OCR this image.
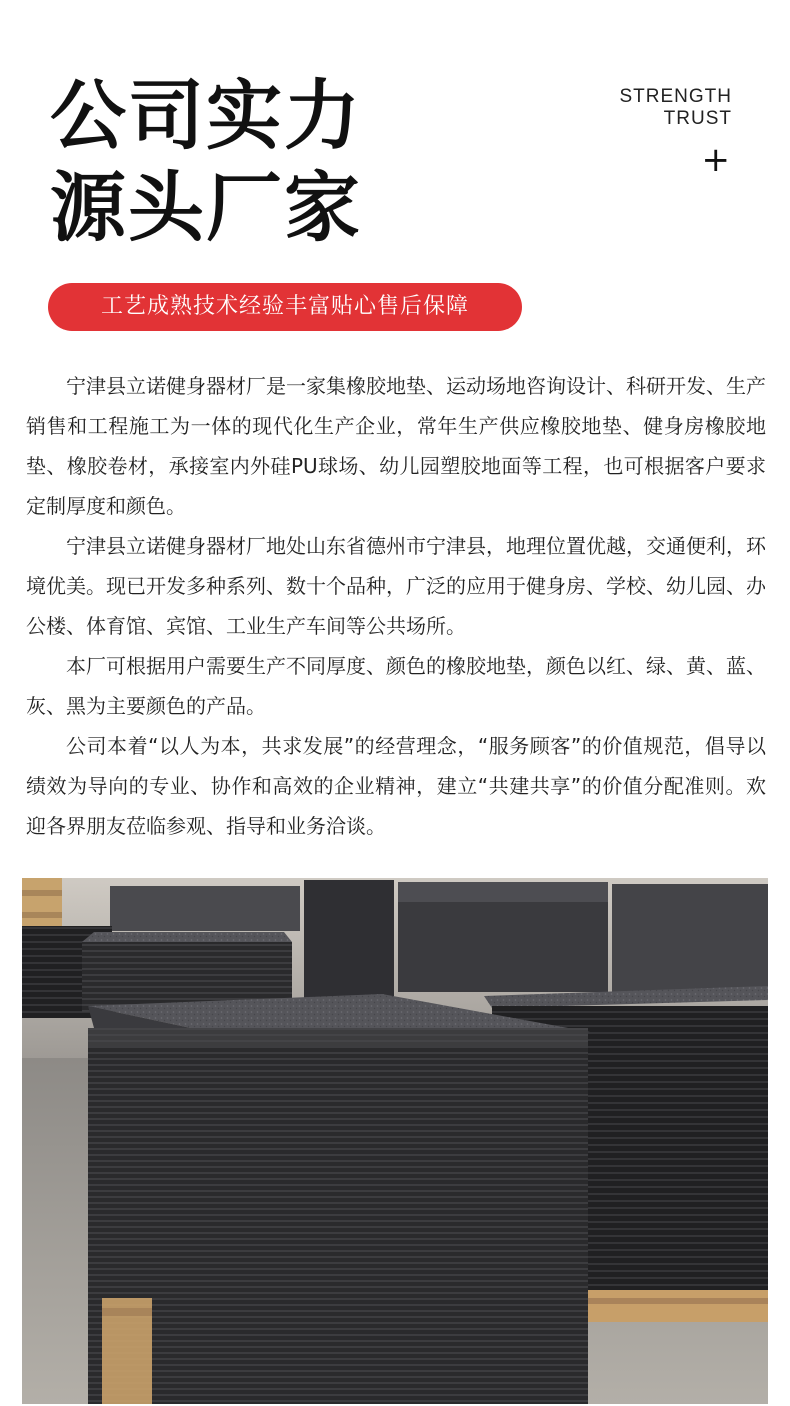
公司实力
源头厂家
STRENGTH
TRUST
+
工艺成熟技术经验丰富贴心售后保障

宁津县立诺健身器材厂是一家集橡胶地垫、运动场地咨询设计、科研开发、生产销售和工程施工为一体的现代化生产企业，常年生产供应橡胶地垫、健身房橡胶地垫、橡胶卷材，承接室内外硅PU球场、幼儿园塑胶地面等工程，也可根据客户要求定制厚度和颜色。

宁津县立诺健身器材厂地处山东省德州市宁津县，地理位置优越，交通便利，环境优美。现已开发多种系列、数十个品种，广泛的应用于健身房、学校、幼儿园、办公楼、体育馆、宾馆、工业生产车间等公共场所。

本厂可根据用户需要生产不同厚度、颜色的橡胶地垫，颜色以红、绿、黄、蓝、灰、黑为主要颜色的产品。

公司本着“以人为本，共求发展”的经营理念，“服务顾客”的价值规范，倡导以绩效为导向的专业、协作和高效的企业精神，建立“共建共享”的价值分配准则。欢迎各界朋友莅临参观、指导和业务洽谈。
